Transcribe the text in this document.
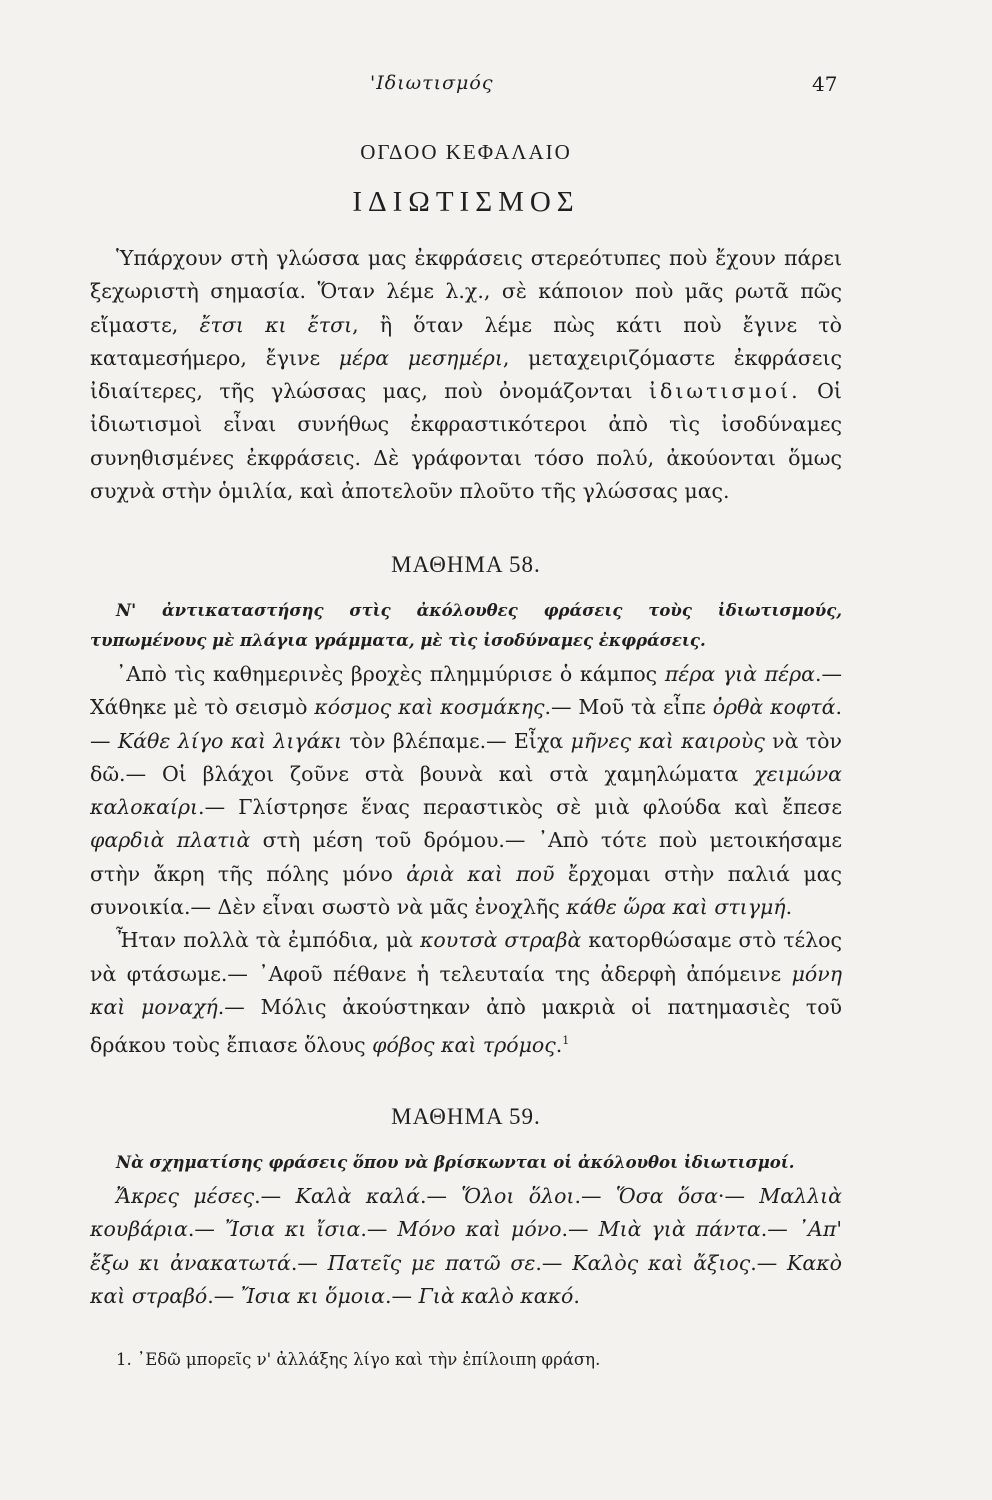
'Ιδιωτισμός	47
ΟΓΔΟΟ ΚΕΦΑΛΑΙΟ
ΙΔΙΩΤΙΣΜΟΣ

Ὑπάρχουν στὴ γλώσσα μας ἐκφράσεις στερεότυπες ποὺ ἔχουν πάρει ξεχωριστὴ σημασία. Ὅταν λέμε λ.χ., σὲ κάποιον ποὺ μᾶς ρωτᾶ πῶς εἴμαστε, ἔτσι κι ἔτσι, ἢ ὅταν λέμε πὼς κάτι ποὺ ἔγινε τὸ καταμεσήμερο, ἔγινε μέρα μεσημέρι, μεταχειριζόμαστε ἐκφράσεις ἰδιαίτερες, τῆς γλώσσας μας, ποὺ ὀνομάζονται ἰδιωτισμοί. Οἱ ἰδιωτισμοὶ εἶναι συνήθως ἐκφραστικότεροι ἀπὸ τὶς ἰσοδύναμες συνηθισμένες ἐκφράσεις. Δὲ γράφονται τόσο πολύ, ἀκούονται ὅμως συχνὰ στὴν ὁμιλία, καὶ ἀποτελοῦν πλοῦτο τῆς γλώσσας μας.

ΜΑΘΗΜΑ 58.

Ν' ἀντικαταστήσης στὶς ἀκόλουθες φράσεις τοὺς ἰδιωτισμούς, τυπωμένους μὲ πλάγια γράμματα, μὲ τὶς ἰσοδύναμες ἐκφράσεις.

᾿Απὸ τὶς καθημερινὲς βροχὲς πλημμύρισε ὁ κάμπος πέρα γιὰ πέρα.— Χάθηκε μὲ τὸ σεισμὸ κόσμος καὶ κοσμάκης.— Μοῦ τὰ εἶπε ὀρθὰ κοφτά.— Κάθε λίγο καὶ λιγάκι τὸν βλέπαμε.— Εἶχα μῆνες καὶ καιροὺς νὰ τὸν δῶ.— Οἱ βλάχοι ζοῦνε στὰ βουνὰ καὶ στὰ χαμηλώματα χειμώνα καλοκαίρι.— Γλίστρησε ἕνας περαστικὸς σὲ μιὰ φλούδα καὶ ἔπεσε φαρδιὰ πλατιὰ στὴ μέση τοῦ δρόμου.— ᾿Απὸ τότε ποὺ μετοικήσαμε στὴν ἄκρη τῆς πόλης μόνο ἀριὰ καὶ ποῦ ἔρχομαι στὴν παλιά μας συνοικία.— Δὲν εἶναι σωστὸ νὰ μᾶς ἐνοχλῆς κάθε ὥρα καὶ στιγμή.

Ἦταν πολλὰ τὰ ἐμπόδια, μὰ κουτσὰ στραβὰ κατορθώσαμε στὸ τέλος νὰ φτάσωμε.— ᾿Αφοῦ πέθανε ἡ τελευταία της ἀδερφὴ ἀπόμεινε μόνη καὶ μοναχή.— Μόλις ἀκούστηκαν ἀπὸ μακριὰ οἱ πατημασιὲς τοῦ δράκου τοὺς ἔπιασε ὅλους φόβος καὶ τρόμος.$^1$

ΜΑΘΗΜΑ 59.

Νὰ σχηματίσης φράσεις ὅπου νὰ βρίσκωνται οἱ ἀκόλουθοι ἰδιωτισμοί.

Ἄκρες μέσες.— Καλὰ καλά.— Ὅλοι ὅλοι.— Ὅσα ὅσα·— Μαλλιὰ κουβάρια.— Ἴσια κι ἴσια.— Μόνο καὶ μόνο.— Μιὰ γιὰ πάντα.— ᾿Απ' ἔξω κι ἀνακατωτά.— Πατεῖς με πατῶ σε.— Καλὸς καὶ ἄξιος.— Κακὸ καὶ στραβό.— Ἴσια κι ὅμοια.— Γιὰ καλὸ κακό.

1. ᾿Εδῶ μπορεῖς ν' ἀλλάξης λίγο καὶ τὴν ἐπίλοιπη φράση.
